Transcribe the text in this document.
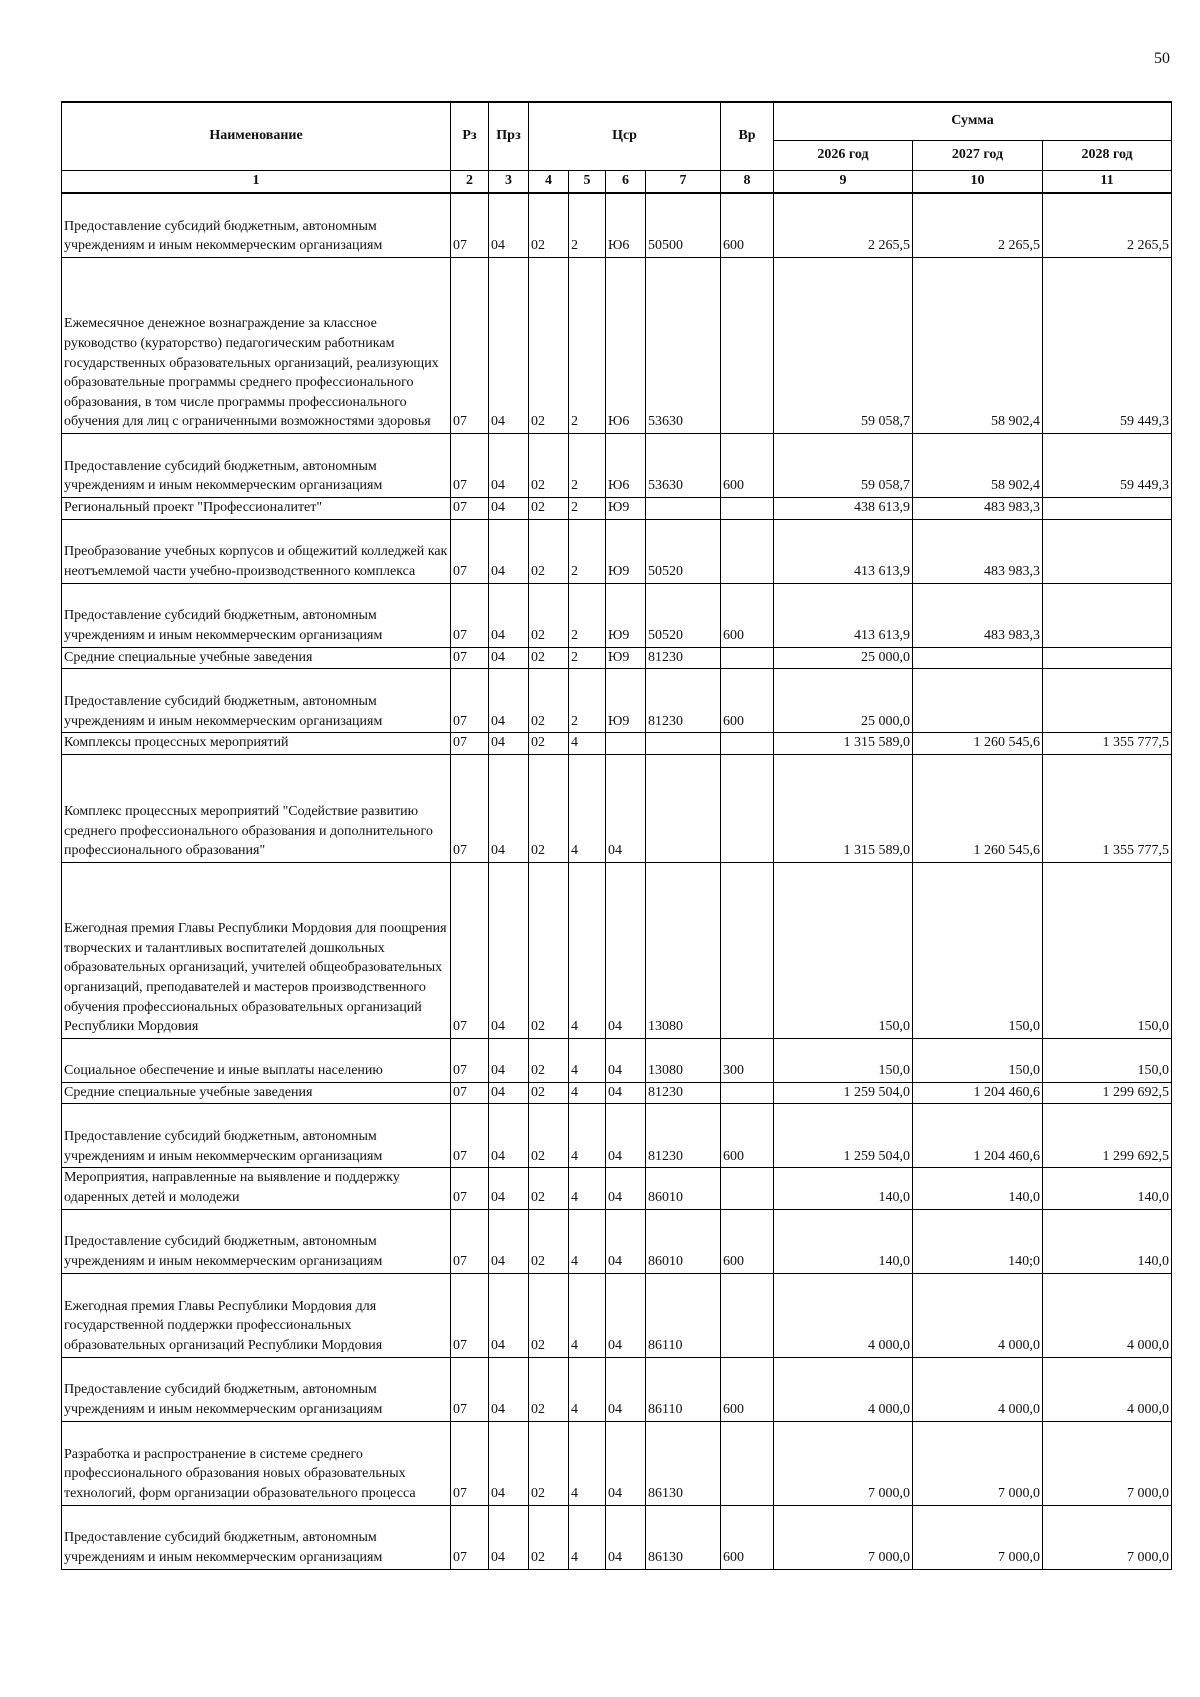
50
Наименование	Рз	Прз	Цср				Вр	Сумма		
								2026 год	2027 год	2028 год
1	2	3	4	5	6	7	8	9	10	11
Предоставление субсидий бюджетным, автономным учреждениям и иным некоммерческим организациям	07	04	02	2	Ю6	50500	600	2 265,5	2 265,5	2 265,5
Ежемесячное денежное вознаграждение за классное руководство (кураторство) педагогическим работникам государственных образовательных организаций, реализующих образовательные программы среднего профессионального образования, в том числе программы профессионального обучения для лиц с ограниченными возможностями здоровья	07	04	02	2	Ю6	53630		59 058,7	58 902,4	59 449,3
Предоставление субсидий бюджетным, автономным учреждениям и иным некоммерческим организациям	07	04	02	2	Ю6	53630	600	59 058,7	58 902,4	59 449,3
Региональный проект "Профессионалитет"	07	04	02	2	Ю9			438 613,9	483 983,3	
Преобразование учебных корпусов и общежитий колледжей как неотъемлемой части учебно-производственного комплекса	07	04	02	2	Ю9	50520		413 613,9	483 983,3	
Предоставление субсидий бюджетным, автономным учреждениям и иным некоммерческим организациям	07	04	02	2	Ю9	50520	600	413 613,9	483 983,3	
Средние специальные учебные заведения	07	04	02	2	Ю9	81230		25 000,0		
Предоставление субсидий бюджетным, автономным учреждениям и иным некоммерческим организациям	07	04	02	2	Ю9	81230	600	25 000,0		
Комплексы процессных мероприятий	07	04	02	4				1 315 589,0	1 260 545,6	1 355 777,5
Комплекс процессных мероприятий "Содействие развитию среднего профессионального образования и дополнительного профессионального образования"	07	04	02	4	04			1 315 589,0	1 260 545,6	1 355 777,5
Ежегодная премия Главы Республики Мордовия для поощрения творческих и талантливых воспитателей дошкольных образовательных организаций, учителей общеобразовательных организаций, преподавателей и мастеров производственного обучения профессиональных образовательных организаций Республики Мордовия	07	04	02	4	04	13080		150,0	150,0	150,0
Социальное обеспечение и иные выплаты населению	07	04	02	4	04	13080	300	150,0	150,0	150,0
Средние специальные учебные заведения	07	04	02	4	04	81230		1 259 504,0	1 204 460,6	1 299 692,5
Предоставление субсидий бюджетным, автономным учреждениям и иным некоммерческим организациям	07	04	02	4	04	81230	600	1 259 504,0	1 204 460,6	1 299 692,5
Мероприятия, направленные на выявление и поддержку одаренных детей и молодежи	07	04	02	4	04	86010		140,0	140,0	140,0
Предоставление субсидий бюджетным, автономным учреждениям и иным некоммерческим организациям	07	04	02	4	04	86010	600	140,0	140;0	140,0
Ежегодная премия Главы Республики Мордовия для государственной поддержки профессиональных образовательных организаций Республики Мордовия	07	04	02	4	04	86110		4 000,0	4 000,0	4 000,0
Предоставление субсидий бюджетным, автономным учреждениям и иным некоммерческим организациям	07	04	02	4	04	86110	600	4 000,0	4 000,0	4 000,0
Разработка и распространение в системе среднего профессионального образования новых образовательных технологий, форм организации образовательного процесса	07	04	02	4	04	86130		7 000,0	7 000,0	7 000,0
Предоставление субсидий бюджетным, автономным учреждениям и иным некоммерческим организациям	07	04	02	4	04	86130	600	7 000,0	7 000,0	7 000,0
